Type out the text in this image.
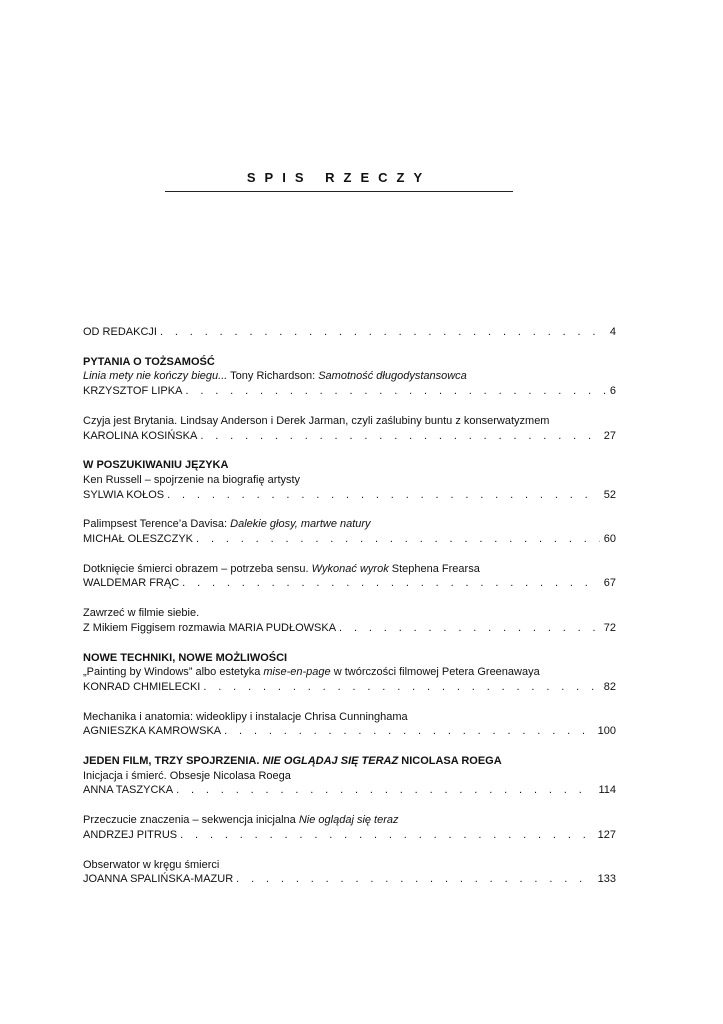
SPIS RZECZY
OD REDAKCJI . . .	4
PYTANIA O TOŻSAMOŚĆ
Linia mety nie kończy biegu... Tony Richardson: Samotność długodystansowca
KRZYSZTOF LIPKA . . .	6
Czyja jest Brytania. Lindsay Anderson i Derek Jarman, czyli zaślubiny buntu z konserwatyzmem
KAROLINA KOSIŃSKA . . .	27
W POSZUKIWANIU JĘZYKA
Ken Russell – spojrzenie na biografię artysty
SYLWIA KOŁOS . . .	52
Palimpsest Terence’a Davisa: Dalekie głosy, martwe natury
MICHAŁ OLESZCZYK . . .	60
Dotknięcie śmierci obrazem – potrzeba sensu. Wykonać wyrok Stephena Frearsa
WALDEMAR FRĄC . . .	67
Zawrzeć w filmie siebie.
Z Mikiem Figgisem rozmawia MARIA PUDŁOWSKA . . .	72
NOWE TECHNIKI, NOWE MOŻLIWOŚCI
„Painting by Windows” albo estetyka mise-en-page w twórczości filmowej Petera Greenawaya
KONRAD CHMIELECKI . . .	82
Mechanika i anatomia: wideoklipy i instalacje Chrisa Cunninghama
AGNIESZKA KAMROWSKA . . .	100
JEDEN FILM, TRZY SPOJRZENIA. NIE OGLĄDAJ SIĘ TERAZ NICOLASA ROEGA
Inicjacja i śmierć. Obsesje Nicolasa Roega
ANNA TASZYCKA . . .	114
Przeczucie znaczenia – sekwencja inicjalna Nie oglądaj się teraz
ANDRZEJ PITRUS . . .	127
Obserwator w kręgu śmierci
JOANNA SPALIŃSKA-MAZUR . . .	133
